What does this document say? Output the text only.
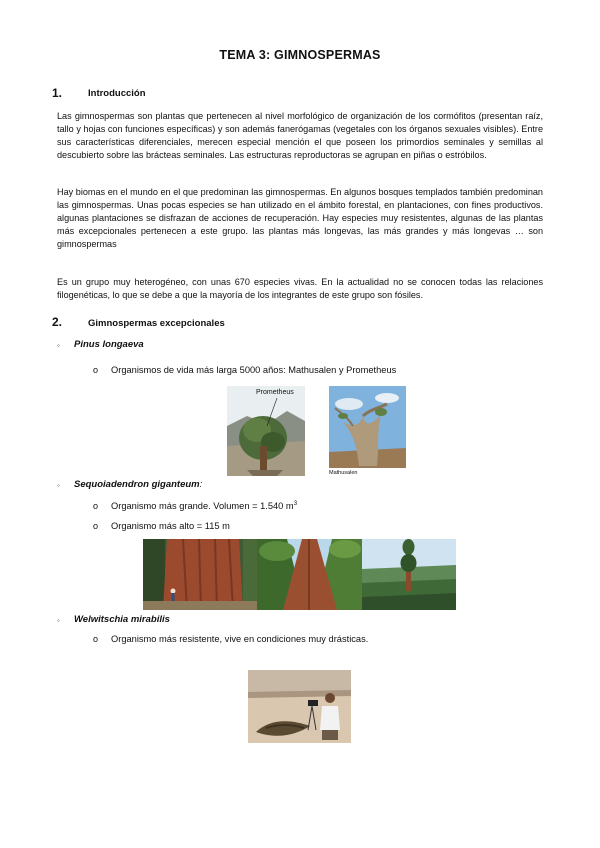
TEMA 3: GIMNOSPERMAS
1.	Introducción

Las gimnospermas son plantas que pertenecen al nivel morfológico de organización de los cormófitos (presentan raíz, tallo y hojas con funciones específicas) y son además fanerógamas (vegetales con los órganos sexuales visibles). Entre sus características diferenciales, merecen especial mención el que poseen los primordios seminales y semillas al descubierto sobre las brácteas seminales. Las estructuras reproductoras se agrupan en piñas o estróbilos.

Hay biomas en el mundo en el que predominan las gimnospermas. En algunos bosques templados también predominan las gimnospermas. Unas pocas especies se han utilizado en el ámbito forestal, en plantaciones, con fines productivos. algunas plantaciones se disfrazan de acciones de recuperación. Hay especies muy resistentes, algunas de las plantas más excepcionales pertenecen a este grupo. las plantas más longevas, las más grandes y más longevas … son gimnospermas

Es un grupo muy heterogéneo, con unas 670 especies vivas. En la actualidad no se conocen todas las relaciones filogenéticas, lo que se debe a que la mayoría de los integrantes de este grupo son fósiles.

2.	Gimnospermas excepcionales
◦ Pinus longaeva
o Organismos de vida más larga 5000 años: Mathusalen y Prometheus
Prometheus
Mathusalen
◦ Sequoiadendron giganteum:
o Organismo más grande. Volumen = 1.540 $m^3$
o Organismo más alto = 115 m
◦ Welwitschia mirabilis
o Organismo más resistente, vive en condiciones muy drásticas.
